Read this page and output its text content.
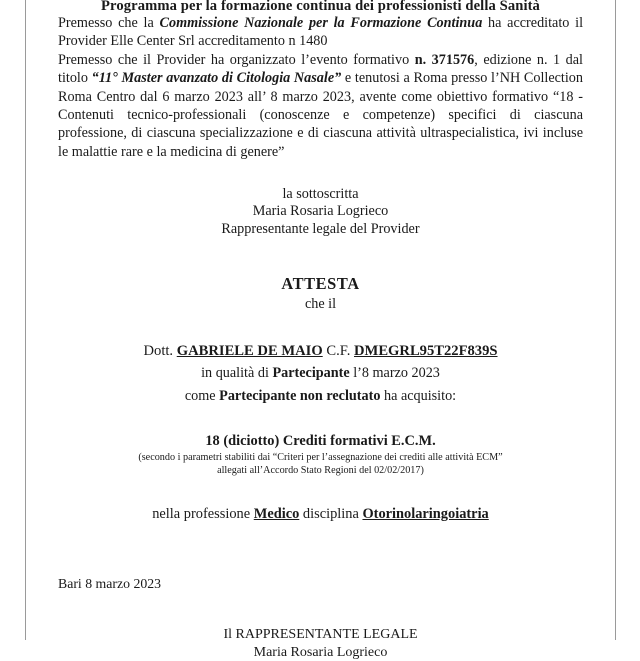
Programma per la formazione continua dei professionisti della Sanità

Premesso che la Commissione Nazionale per la Formazione Continua ha accreditato il Provider Elle Center Srl accreditamento n 1480

Premesso che il Provider ha organizzato l’evento formativo n. 371576, edizione n. 1 dal titolo “11° Master avanzato di Citologia Nasale” e tenutosi a Roma presso l’NH Collection Roma Centro dal 6 marzo 2023 all’ 8 marzo 2023, avente come obiettivo formativo “18 - Contenuti tecnico-professionali (conoscenze e competenze) specifici di ciascuna professione, di ciascuna specializzazione e di ciascuna attività ultraspecialistica, ivi incluse le malattie rare e la medicina di genere”

la sottoscritta
Maria Rosaria Logrieco
Rappresentante legale del Provider
ATTESTA
che il
Dott. GABRIELE DE MAIO C.F. DMEGRL95T22F839S
in qualità di Partecipante l’8 marzo 2023
come Partecipante non reclutato ha acquisito:
18 (diciotto) Crediti formativi E.C.M.
(secondo i parametri stabiliti dai “Criteri per l’assegnazione dei crediti alle attività ECM”
allegati all’Accordo Stato Regioni del 02/02/2017)
nella professione Medico disciplina Otorinolaringoiatria
Bari 8 marzo 2023
Il RAPPRESENTANTE LEGALE
Maria Rosaria Logrieco
